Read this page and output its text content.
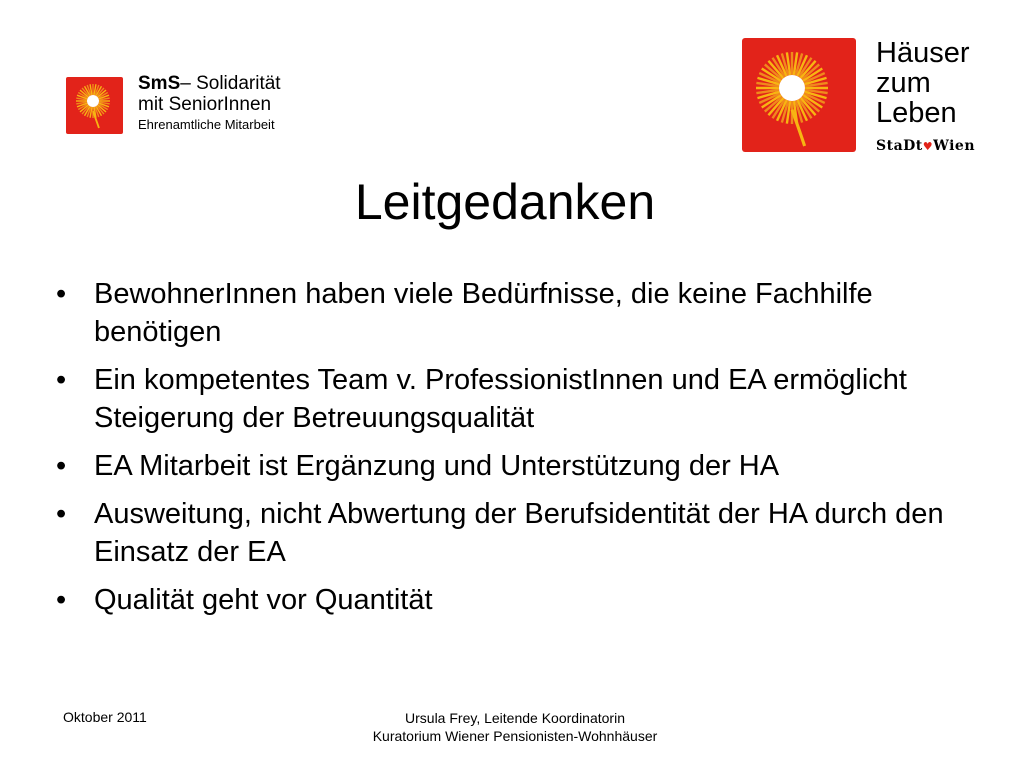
SmS– Solidarität
mit SeniorInnen
Ehrenamtliche Mitarbeit
Häuser
zum
Leben
StaDt♥Wien
Leitgedanken
• BewohnerInnen haben viele Bedürfnisse, die keine Fachhilfe benötigen
• Ein kompetentes Team v. ProfessionistInnen und EA ermöglicht Steigerung der Betreuungsqualität
• EA Mitarbeit ist Ergänzung und Unterstützung der HA
• Ausweitung, nicht Abwertung der Berufsidentität der HA durch den Einsatz der EA
• Qualität geht vor Quantität
Oktober 2011	Ursula Frey, Leitende Koordinatorin
Kuratorium Wiener Pensionisten-Wohnhäuser
